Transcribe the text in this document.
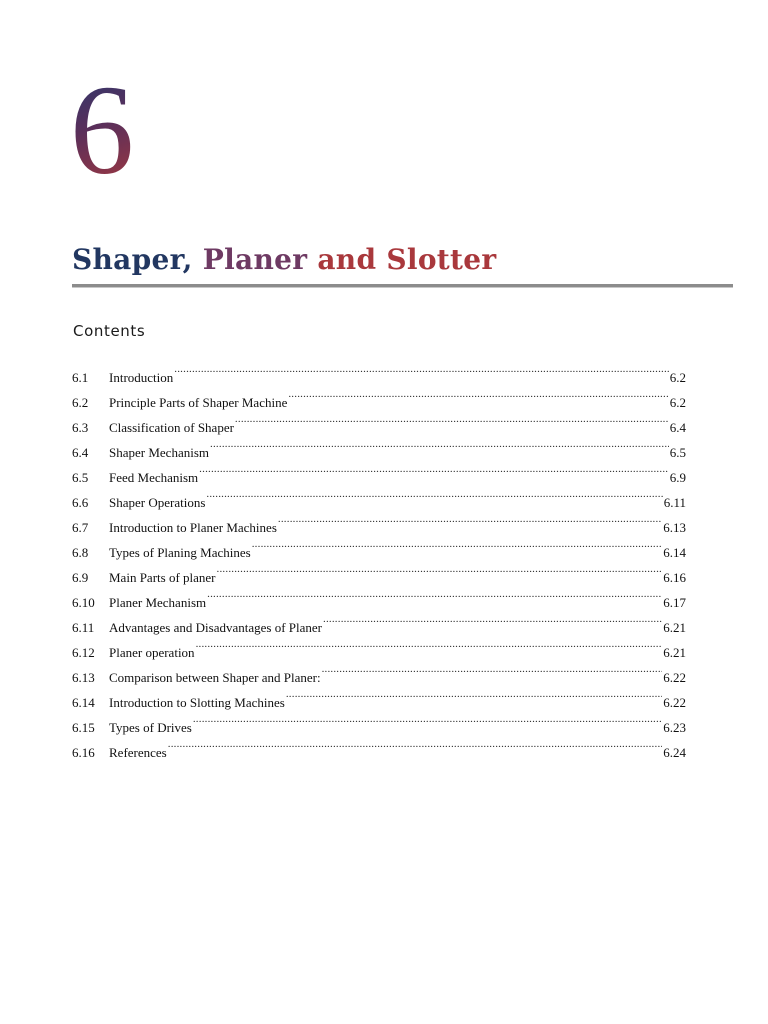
6
Shaper, Planer and Slotter
Contents
6.1	Introduction .....	6.2
6.2	Principle Parts of Shaper Machine .....	6.2
6.3	Classification of Shaper .....	6.4
6.4	Shaper Mechanism .....	6.5
6.5	Feed Mechanism .....	6.9
6.6	Shaper Operations .....	6.11
6.7	Introduction to Planer Machines .....	6.13
6.8	Types of Planing Machines .....	6.14
6.9	Main Parts of planer .....	6.16
6.10	Planer Mechanism .....	6.17
6.11	Advantages and Disadvantages of Planer .....	6.21
6.12	Planer operation .....	6.21
6.13	Comparison between Shaper and Planer: .....	6.22
6.14	Introduction to Slotting Machines .....	6.22
6.15	Types of Drives .....	6.23
6.16	References .....	6.24
